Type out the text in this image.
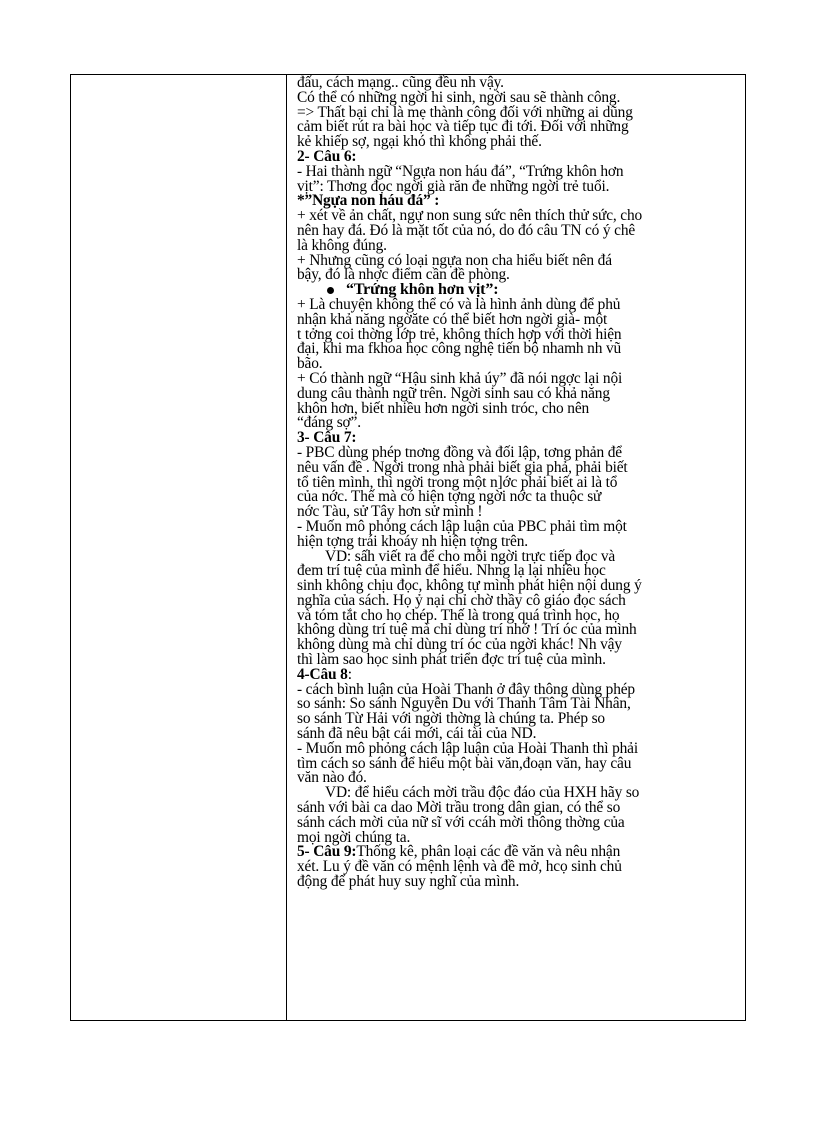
đấu, cách mạng.. cũng đều nh vậy.
Có thể có những ngời hi sinh, ngời sau sẽ thành công.
=> Thất bại chỉ là mẹ thành công đối với những ai dũng
cảm biết rút ra bài học và tiếp tục đi tới. Đối với những
kẻ khiếp sợ, ngại khó thì không phải thế.
2- Câu 6:
- Hai thành ngữ “Ngựa non háu đá”, “Trứng khôn hơn
vịt”: Thơng đọc ngời già răn đe những ngời trẻ tuổi.
*”Ngựa non háu đá” :
+ xét về ản chất, ngự non sung sức nên thích thử sức, cho
nên hay đá. Đó là mặt tốt của nó, do đó câu TN có ý chê
là không đúng.
+ Nhưng cũng có loại ngựa non cha hiểu biết nên đá
bậy, đó là nhợc điểm cần đề phòng.
“Trứng khôn hơn vịt”:
+ Là chuyện không thể có và là hình ảnh dùng để phủ
nhận khả năng ngờăte có thể biết hơn ngời già- một
t tởng coi thờng lớp trẻ, không thích hợp với thời hiện
đại, khi ma fkhoa học công nghệ tiến bộ nhamh nh vũ
bão.
+ Có thành ngữ “Hậu sinh khả úy” đã nói ngợc lại nội
dung câu thành ngữ trên. Ngời sinh sau có khả năng
khôn hơn, biết nhiều hơn ngời sinh tróc, cho nên
“đáng sợ”.
3- Câu 7:
- PBC dùng phép tnơng đồng và đối lập, tơng phản để
nêu vấn đề . Ngời trong nhà phải biết gia phả, phải biết
tổ tiên mình, thì ngời trong một n]ớc phải biết ai là tổ
của nớc. Thế mà có hiện tợng ngời nớc ta thuộc sử
nớc Tàu, sử Tây hơn sử mình !
- Muốn mô phỏng cách lập luận của PBC phải tìm một
hiện tợng trái khoáy nh hiện tợng trên.
VD: sấh viết ra để cho mỗi ngời trực tiếp đọc và
đem trí tuệ của mình để hiểu. Nhng lạ lại nhiều học
sinh không chịu đọc, không tự mình phát hiện nội dung ý
nghĩa của sách. Họ ỷ nại chỉ chờ thầy cô giáo đọc sách
và tóm tắt cho họ chép. Thế là trong quá trình học, họ
không dùng trí tuệ mà chỉ dùng trí nhớ ! Trí óc của mình
không dùng mà chỉ dùng trí óc của ngời khác! Nh vậy
thì làm sao học sinh phát triển đợc trí tuệ của mình.
4-Câu 8:
- cách bình luận của Hoài Thanh ở đây thông dùng phép
so sánh: So sánh Nguyễn Du với Thanh Tâm Tài Nhân,
so sánh Từ Hải với ngời thờng là chúng ta. Phép so
sánh đã nêu bật cái mới, cái tài của ND.
- Muốn mô phỏng cách lập luận của Hoài Thanh thì phải
tìm cách so sánh để hiểu một bài văn,đoạn văn, hay câu
văn nào đó.
VD: để hiểu cách mời trầu độc đáo của HXH hãy so
sánh với bài ca dao Mời trầu trong dân gian, có thể so
sánh cách mời của nữ sĩ với ccáh mời thông thờng của
mọi ngời chúng ta.
5- Câu 9:Thống kê, phân loại các đề văn và nêu nhận
xét. Lu ý đề văn có mệnh lệnh và đề mở, hcọ sinh chủ
động để phát huy suy nghĩ của mình.
